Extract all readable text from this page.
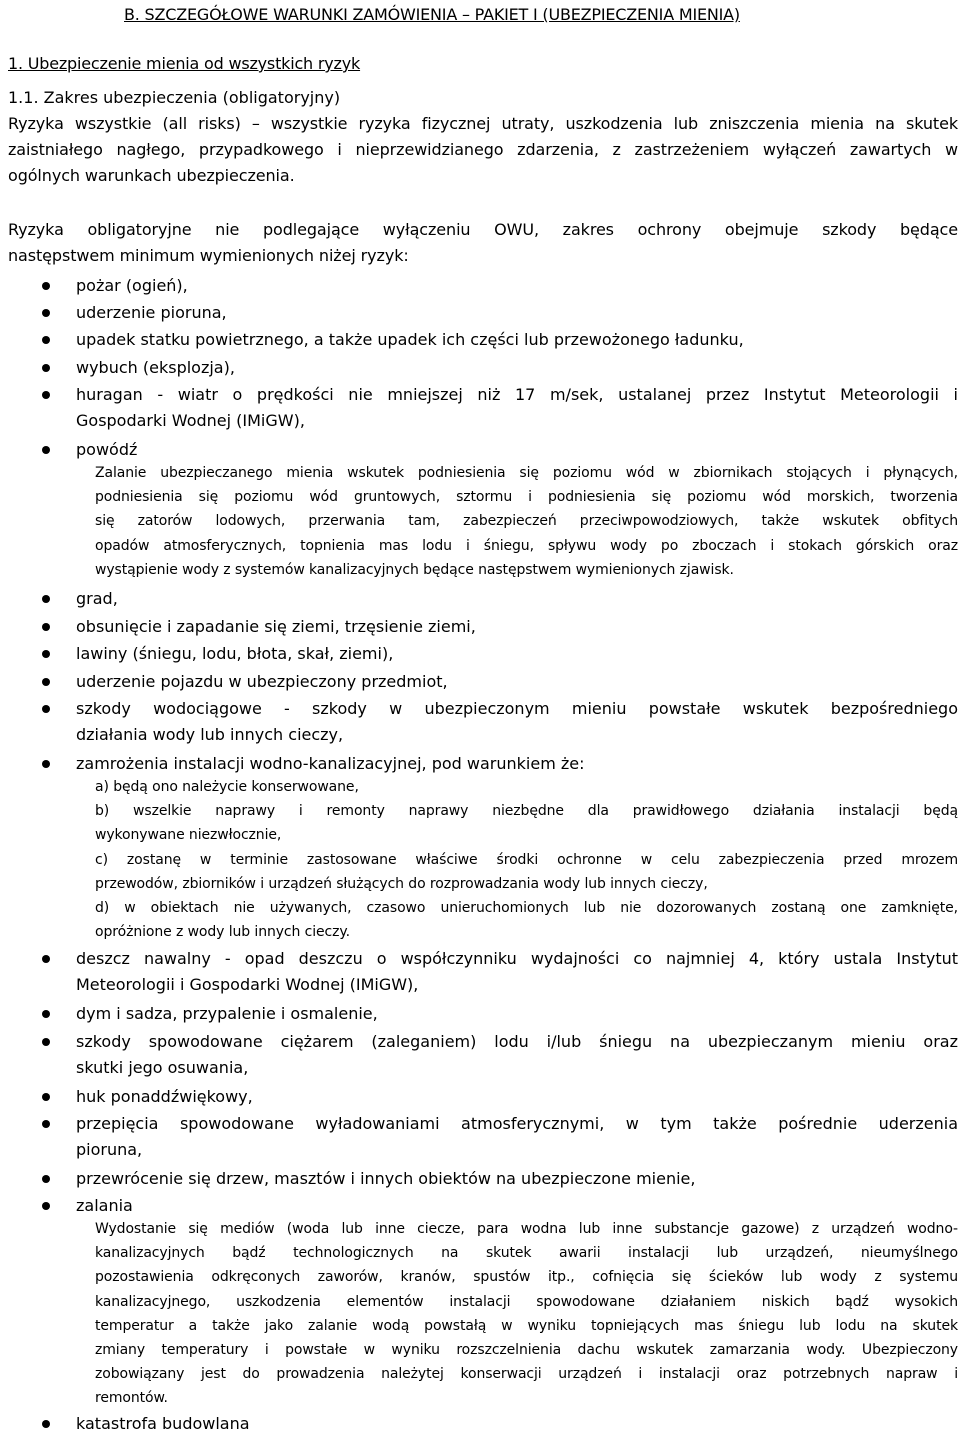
B. SZCZEGÓŁOWE WARUNKI ZAMÓWIENIA – PAKIET I (UBEZPIECZENIA MIENIA)
1. Ubezpieczenie mienia od wszystkich ryzyk
1.1. Zakres ubezpieczenia (obligatoryjny)
Ryzyka wszystkie (all risks) – wszystkie ryzyka fizycznej utraty, uszkodzenia lub zniszczenia mienia na skutek
zaistniałego nagłego, przypadkowego i nieprzewidzianego zdarzenia, z zastrzeżeniem wyłączeń zawartych w
ogólnych warunkach ubezpieczenia.
Ryzyka obligatoryjne nie podlegające wyłączeniu OWU, zakres ochrony obejmuje szkody będące
następstwem minimum wymienionych niżej ryzyk:
pożar (ogień),
uderzenie pioruna,
upadek statku powietrznego, a także upadek ich części lub przewożonego ładunku,
wybuch (eksplozja),
huragan - wiatr o prędkości nie mniejszej niż 17 m/sek, ustalanej przez Instytut Meteorologii i
Gospodarki Wodnej (IMiGW),
powódź
Zalanie ubezpieczanego mienia wskutek podniesienia się poziomu wód w zbiornikach stojących i płynących,
podniesienia się poziomu wód gruntowych, sztormu i podniesienia się poziomu wód morskich, tworzenia
się zatorów lodowych, przerwania tam, zabezpieczeń przeciwpowodziowych, także wskutek obfitych
opadów atmosferycznych, topnienia mas lodu i śniegu, spływu wody po zboczach i stokach górskich oraz
wystąpienie wody z systemów kanalizacyjnych będące następstwem wymienionych zjawisk.
grad,
obsunięcie i zapadanie się ziemi, trzęsienie ziemi,
lawiny (śniegu, lodu, błota, skał, ziemi),
uderzenie pojazdu w ubezpieczony przedmiot,
szkody wodociągowe - szkody w ubezpieczonym mieniu powstałe wskutek bezpośredniego
działania wody lub innych cieczy,
zamrożenia instalacji wodno-kanalizacyjnej, pod warunkiem że:
a) będą ono należycie konserwowane,
b) wszelkie naprawy i remonty naprawy niezbędne dla prawidłowego działania instalacji będą
wykonywane niezwłocznie,
c) zostanę w terminie zastosowane właściwe środki ochronne w celu zabezpieczenia przed mrozem
przewodów, zbiorników i urządzeń służących do rozprowadzania wody lub innych cieczy,
d) w obiektach nie używanych, czasowo unieruchomionych lub nie dozorowanych zostaną one zamknięte,
opróżnione z wody lub innych cieczy.
deszcz nawalny - opad deszczu o współczynniku wydajności co najmniej 4, który ustala Instytut
Meteorologii i Gospodarki Wodnej (IMiGW),
dym i sadza, przypalenie i osmalenie,
szkody spowodowane ciężarem (zaleganiem) lodu i/lub śniegu na ubezpieczanym mieniu oraz
skutki jego osuwania,
huk ponaddźwiękowy,
przepięcia spowodowane wyładowaniami atmosferycznymi, w tym także pośrednie uderzenia
pioruna,
przewrócenie się drzew, masztów i innych obiektów na ubezpieczone mienie,
zalania
Wydostanie się mediów (woda lub inne ciecze, para wodna lub inne substancje gazowe) z urządzeń wodno-
kanalizacyjnych bądź technologicznych na skutek awarii instalacji lub urządzeń, nieumyślnego
pozostawienia odkręconych zaworów, kranów, spustów itp., cofnięcia się ścieków lub wody z systemu
kanalizacyjnego, uszkodzenia elementów instalacji spowodowane działaniem niskich bądź wysokich
temperatur a także jako zalanie wodą powstałą w wyniku topniejących mas śniegu lub lodu na skutek
zmiany temperatury i powstałe w wyniku rozszczelnienia dachu wskutek zamarzania wody. Ubezpieczony
zobowiązany jest do prowadzenia należytej konserwacji urządzeń i instalacji oraz potrzebnych napraw i
remontów.
katastrofa budowlana
